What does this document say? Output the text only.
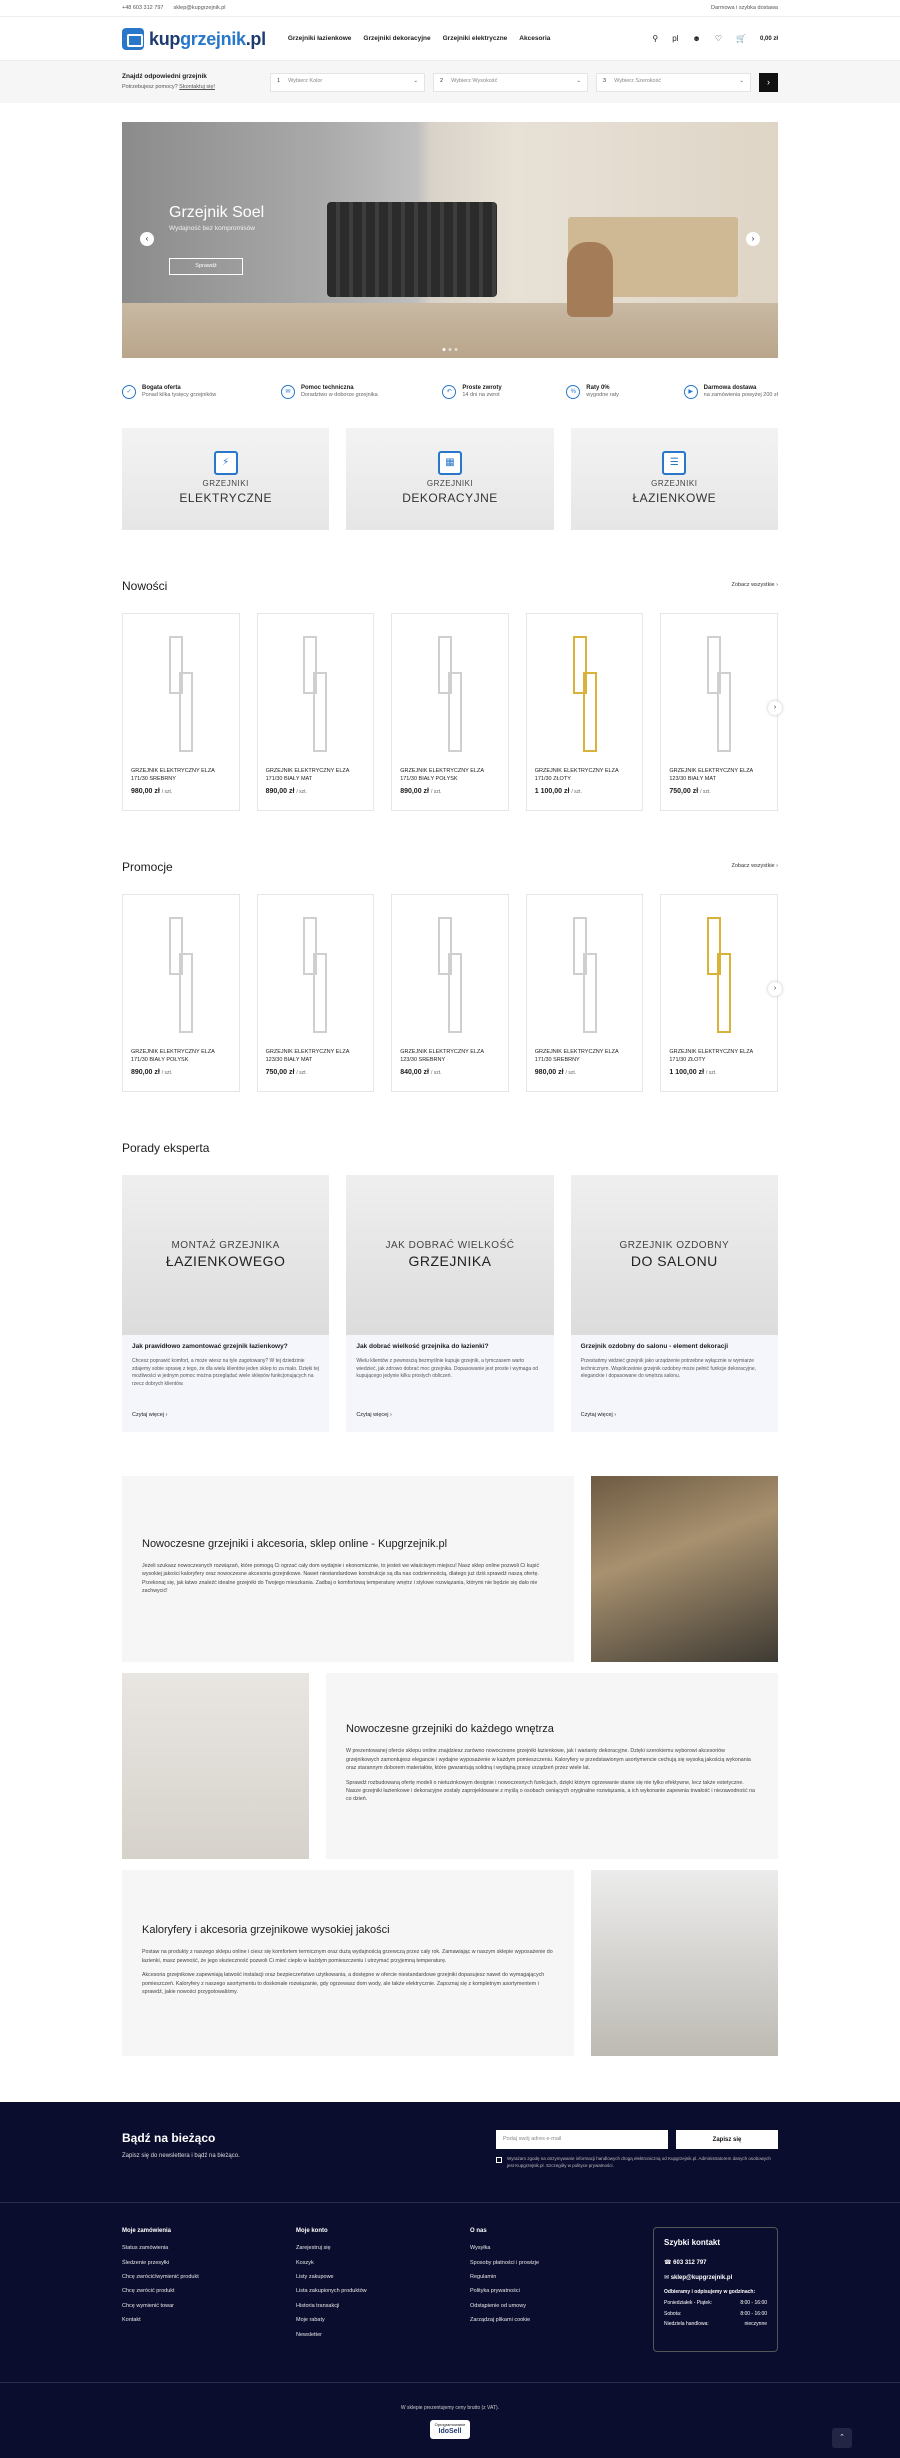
+48 603 312 797 sklep@kupgrzejnik.pl	Darmowa i szybka dostawa
kupgrzejnik.pl	Grzejniki łazienkowe Grzejniki dekoracyjne Grzejniki elektryczne Akcesoria	⚲ pl ☻ ♡ 🛒 0,00 zł
Znajdź odpowiedni grzejnik
Potrzebujesz pomocy? Skontaktuj się!
1 Wybierz Kolor	⌄	2 Wybierz Wysokość	⌄	3 Wybierz Szerokość	⌄	›
Grzejnik Soel
Wydajność bez kompromisów
Sprawdź
‹	›
✓
Bogata oferta
Ponad kilka tysięcy grzejników
✉
Pomoc techniczna
Doradztwo w doborze grzejnika
↶
Proste zwroty
14 dni na zwrot
%
Raty 0%
wygodne raty
▶
Darmowa dostawa
na zamówienia powyżej 200 zł
⚡
GRZEJNIKI
ELEKTRYCZNE
▦
GRZEJNIKI
DEKORACYJNE
☰
GRZEJNIKI
ŁAZIENKOWE
Nowości	Zobacz wszystkie ›
GRZEJNIK ELEKTRYCZNY ELZA 171/30 SREBRNY
980,00 zł / szt.
GRZEJNIK ELEKTRYCZNY ELZA 171/30 BIAŁY MAT
890,00 zł / szt.
GRZEJNIK ELEKTRYCZNY ELZA 171/30 BIAŁY POŁYSK
890,00 zł / szt.
GRZEJNIK ELEKTRYCZNY ELZA 171/30 ZŁOTY
1 100,00 zł / szt.
GRZEJNIK ELEKTRYCZNY ELZA 123/30 BIAŁY MAT
750,00 zł / szt.
›
Promocje	Zobacz wszystkie ›
GRZEJNIK ELEKTRYCZNY ELZA 171/30 BIAŁY POŁYSK
890,00 zł / szt.
GRZEJNIK ELEKTRYCZNY ELZA 123/30 BIAŁY MAT
750,00 zł / szt.
GRZEJNIK ELEKTRYCZNY ELZA 123/30 SREBRNY
840,00 zł / szt.
GRZEJNIK ELEKTRYCZNY ELZA 171/30 SREBRNY
980,00 zł / szt.
GRZEJNIK ELEKTRYCZNY ELZA 171/30 ZŁOTY
1 100,00 zł / szt.
›
Porady eksperta
MONTAŻ GRZEJNIKA
ŁAZIENKOWEGO
Jak prawidłowo zamontować grzejnik łazienkowy?

Chcesz poprawić komfort, a może wiesz na tyle zagotowany? W tej dziedzinie zdajemy sobie sprawę z tego, że dla wielu klientów jeden sklep to za mało. Dzięki tej możliwości w jednym pomoc można przeglądać wiele sklepów funkcjonujących na rzecz dobrych klientów.

Czytaj więcej ›
JAK DOBRAĆ WIELKOŚĆ
GRZEJNIKA
Jak dobrać wielkość grzejnika do łazienki?

Wielu klientów z pewnoscią bezmyślnie kupuje grzejnik, a tymczasem warto wiedzieć, jak zdrowo dobrać moc grzejnika. Dopasowanie jest proste i wymaga od kupującego jedynie kilku prostych obliczeń.

Czytaj więcej ›
GRZEJNIK OZDOBNY
DO SALONU
Grzejnik ozdobny do salonu - element dekoracji

Przestańmy widzieć grzejnik jako urządzenie potrzebne wyłącznie w wymiarze technicznym. Współcześnie grzejnik ozdobny może pełnić funkcje dekoracyjne, eleganckie i dopasowane do wnętrza salonu.

Czytaj więcej ›
Nowoczesne grzejniki i akcesoria, sklep online - Kupgrzejnik.pl

Jeżeli szukasz nowoczesnych rozwiązań, które pomogą Ci ogrzać cały dom wydajnie i ekonomicznie, to jesteś we właściwym miejscu! Nasz sklep online pozwoli Ci kupić wysokiej jakości kaloryfery oraz nowoczesne akcesoria grzejnikowe. Nawet niestandardowe konstrukcje są dla nas codziennością, dlatego już dziś sprawdź naszą ofertę. Przekonaj się, jak łatwo znaleźć idealne grzejniki do Twojego mieszkania. Zadbaj o komfortową temperaturę wnętrz i stylowe rozwiązania, którymi nie będzie się dało nie zachwycić!

Nowoczesne grzejniki do każdego wnętrza

W prezentowanej ofercie sklepu online znajdziesz zarówno nowoczesne grzejniki łazienkowe, jak i warianty dekoracyjne. Dzięki szerokiemu wyborowi akcesoriów grzejnikowych zamontujesz elegancie i wydajne wyposażenie w każdym pomieszczeniu. Kaloryfery w przedstawionym asortymencie cechują się wysoką jakością wykonania oraz starannym doborem materiałów, które gwarantują solidną i wydajną pracę urządzeń przez wiele lat.

Sprawdź rozbudowaną ofertę modeli o nietuzinkowym designie i nowoczesnych funkcjach, dzięki którym ogrzewanie stanie się nie tylko efektywne, lecz także estetyczne. Nasze grzejniki łazienkowe i dekoracyjne zostały zaprojektowane z myślą o osobach ceniących oryginalne rozwiązania, a ich wykonanie zapewnia trwałość i niezawodność na co dzień.

Kaloryfery i akcesoria grzejnikowe wysokiej jakości

Postaw na produkty z naszego sklepu online i ciesz się komfortem termicznym oraz dużą wydajnością grzewczą przez cały rok. Zamawiając w naszym sklepie wyposażenie do łazienki, masz pewność, że jego skuteczność pozwoli Ci mieć ciepło w każdym pomieszczeniu i utrzymać przyjemną temperaturę.

Akcesoria grzejnikowe zapewniają łatwość instalacji oraz bezpieczeństwo użytkowania, a dostępne w ofercie niestandardowe grzejniki dopasujesz nawet do wymagających pomieszczeń. Kaloryfery z naszego asortymentu to doskonałe rozwiązanie, gdy ogrzewasz dom wody, ale także elektrycznie. Zapoznaj się z kompletnym asortymentem i sprawdź, jakie nowości przygotowaliśmy.

Bądź na bieżąco
Zapisz się do newslettera i bądź na bieżąco.
Podaj swój adres e-mail	Zapisz się
Wyrażam zgodę na otrzymywanie informacji handlowych drogą elektroniczną od Kupgrzejnik.pl. Administratorem danych osobowych jest Kupgrzejnik.pl. Szczegóły w polityce prywatności.
Moje zamówienia
Status zamówienia
Śledzenie przesyłki
Chcę zwrócić/wymienić produkt
Chcę zwrócić produkt
Chcę wymienić towar
Kontakt
Moje konto
Zarejestruj się
Koszyk
Listy zakupowe
Lista zakupionych produktów
Historia transakcji
Moje rabaty
Newsletter
O nas
Wysyłka
Sposoby płatności i prowizje
Regulamin
Polityka prywatności
Odstąpienie od umowy
Zarządzaj plikami cookie
Szybki kontakt
☎ 603 312 797
✉ sklep@kupgrzejnik.pl
Odbieramy i odpisujemy w godzinach:
Poniedziałek - Piątek:	8:00 - 16:00
Sobota:	8:00 - 16:00
Niedziela handlowa:	nieczynne
W sklepie prezentujemy ceny brutto (z VAT).
Oprogramowanie
IdoSell
⌃
